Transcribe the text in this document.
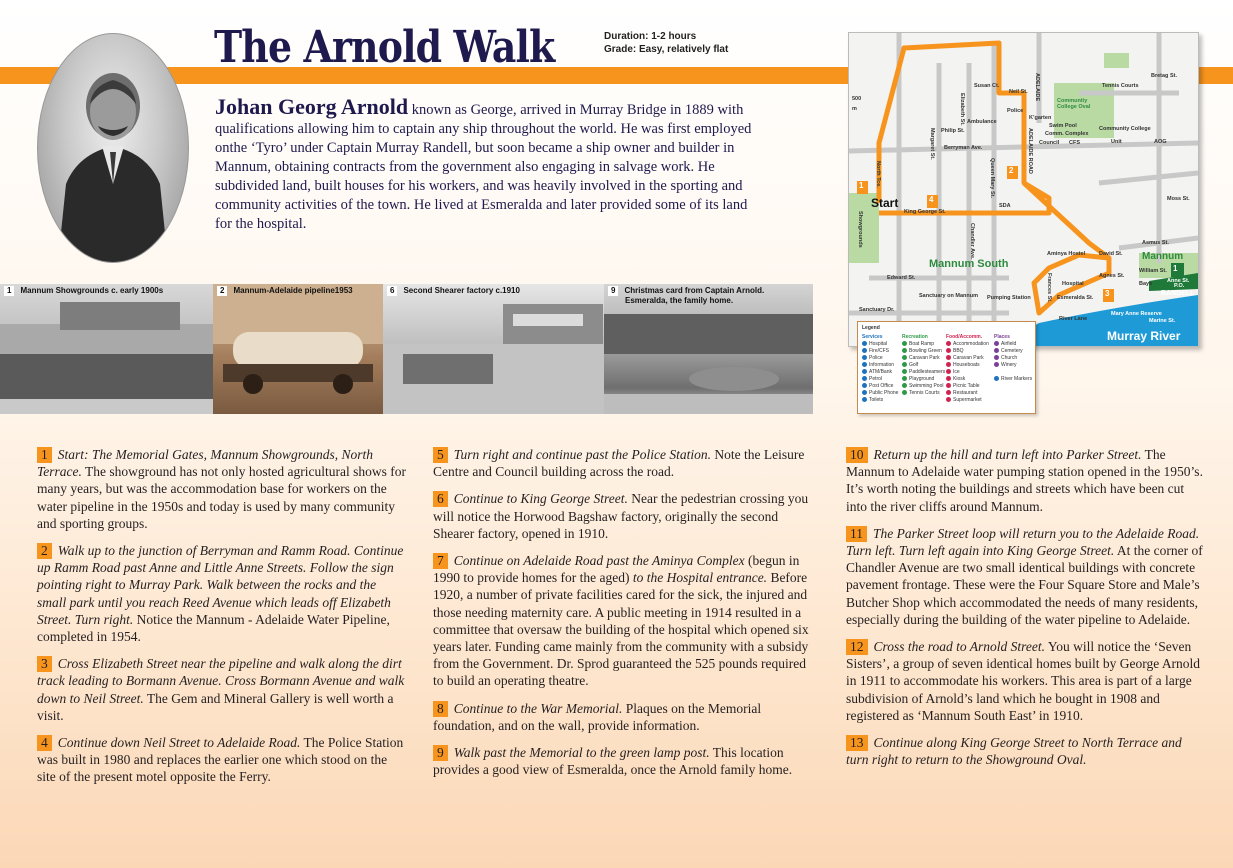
The Arnold Walk	Duration: 1-2 hours
Grade: Easy, relatively flat
Johan Georg Arnold known as George, arrived in Murray Bridge in 1889 with qualifications allowing him to captain any ship throughout the world. He was first employed onthe ‘Tyro’ under Captain Murray Randell, but soon became a ship owner and builder in Mannum, obtaining contracts from the government also engaging in salvage work. He subdivided land, built houses for his workers, and was heavily involved in the sporting and community activities of the town. He lived at Esmeralda and later provided some of its land for the hospital.
1 Mannum Showgrounds c. early 1900s	2 Mannum-Adelaide pipeline1953	6 Second Shearer factory c.1910	9 Christmas card from Captain Arnold.
Esmeralda, the family home.
1
2
3
4
1
Start
Mannum South
Mannum
Murray River
RANDELL
Anne St.
William St.
ADELAIDE
ADELAIDE ROAD
Berryman Ave.
King George St.
Edward St.
Esmeralda St.
River Lane
David St.
Neil St.
Susan Ct.
Philip St.
Moss St.
Asmus St.
Bretag St.
Police
Ambulance
Hospital
Council CFS	AOG
Unit
SDA
Community College Oval
Tennis Courts
Aminya Hostel
Pumping Station
Sanctuary on Mannum
Swim Pool
Comm. Complex
K’garten
Community College
Showgrounds
North Tce.
Marine St.
Sanctuary Dr.
Agnes St.
Frances St.
Chandler Ave.
Queen Mary St.
Margaret St.
Elizabeth St.
P.O.
Bays
Mary Anne Reserve
500
m
Legend
Services
Hospital
Fire/CFS
Police
Information
ATM/Bank
Petrol
Post Office
Public Phone
Toilets
Recreation
Boat Ramp
Bowling Green
Caravan Park
Golf
Paddlesteamers
Playground
Swimming Pool
Tennis Courts
Food/Accomm.
Accommodation
BBQ
Caravan Park
Houseboats
Ice
Kiosk
Picnic Table
Restaurant
Supermarket
Places
Airfield
Cemetery
Church
Winery

River Markers
1 Start: The Memorial Gates, Mannum Showgrounds, North Terrace. The showground has not only hosted agricultural shows for many years, but was the accommodation base for workers on the water pipeline in the 1950s and today is used by many community and sporting groups.
2 Walk up to the junction of Berryman and Ramm Road. Continue up Ramm Road past Anne and Little Anne Streets. Follow the sign pointing right to Murray Park. Walk between the rocks and the small park until you reach Reed Avenue which leads off Elizabeth Street. Turn right. Notice the Mannum - Adelaide Water Pipeline, completed in 1954.
3 Cross Elizabeth Street near the pipeline and walk along the dirt track leading to Bormann Avenue. Cross Bormann Avenue and walk down to Neil Street. The Gem and Mineral Gallery is well worth a visit.
4 Continue down Neil Street to Adelaide Road. The Police Station was built in 1980 and replaces the earlier one which stood on the site of the present motel opposite the Ferry.
5 Turn right and continue past the Police Station. Note the Leisure Centre and Council building across the road.
6 Continue to King George Street. Near the pedestrian crossing you will notice the Horwood Bagshaw factory, originally the second Shearer factory, opened in 1910.
7 Continue on Adelaide Road past the Aminya Complex (begun in 1990 to provide homes for the aged) to the Hospital entrance. Before 1920, a number of private facilities cared for the sick, the injured and those needing maternity care. A public meeting in 1914 resulted in a committee that oversaw the building of the hospital which opened six years later. Funding came mainly from the community with a subsidy from the Government. Dr. Sprod guaranteed the 525 pounds required to build an operating theatre.
8 Continue to the War Memorial. Plaques on the Memorial foundation, and on the wall, provide information.
9 Walk past the Memorial to the green lamp post. This location provides a good view of Esmeralda, once the Arnold family home.
10 Return up the hill and turn left into Parker Street. The Mannum to Adelaide water pumping station opened in the 1950’s. It’s worth noting the buildings and streets which have been cut into the river cliffs around Mannum.
11 The Parker Street loop will return you to the Adelaide Road. Turn left. Turn left again into King George Street. At the corner of Chandler Avenue are two small identical buildings with concrete pavement frontage. These were the Four Square Store and Male’s Butcher Shop which accommodated the needs of many residents, especially during the building of the water pipeline to Adelaide.
12 Cross the road to Arnold Street. You will notice the ‘Seven Sisters’, a group of seven identical homes built by George Arnold in 1911 to accommodate his workers. This area is part of a large subdivision of Arnold’s land which he bought in 1908 and registered as ‘Mannum South East’ in 1910.
13 Continue along King George Street to North Terrace and turn right to return to the Showground Oval.
